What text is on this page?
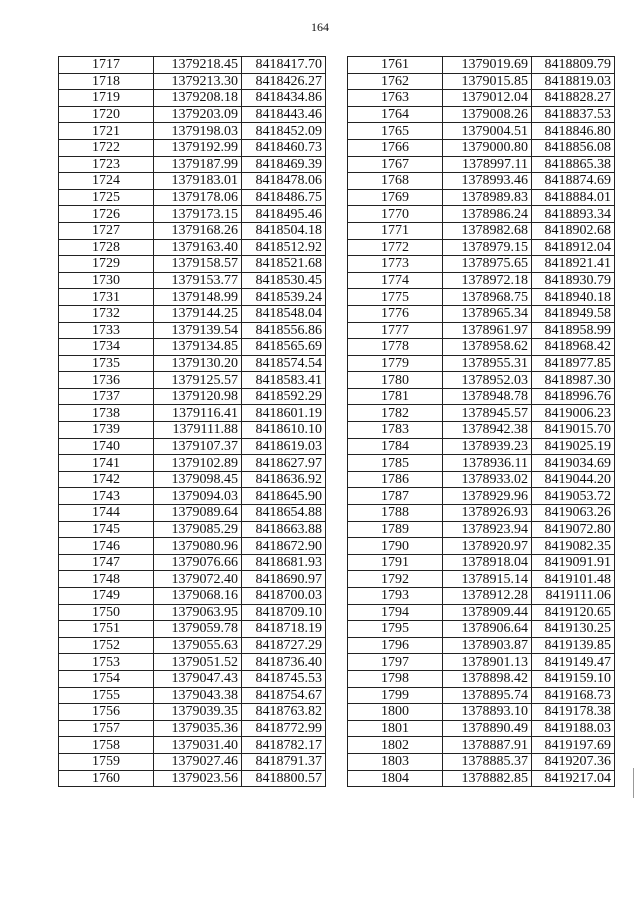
164
1717	1379218.45	8418417.70
1718	1379213.30	8418426.27
1719	1379208.18	8418434.86
1720	1379203.09	8418443.46
1721	1379198.03	8418452.09
1722	1379192.99	8418460.73
1723	1379187.99	8418469.39
1724	1379183.01	8418478.06
1725	1379178.06	8418486.75
1726	1379173.15	8418495.46
1727	1379168.26	8418504.18
1728	1379163.40	8418512.92
1729	1379158.57	8418521.68
1730	1379153.77	8418530.45
1731	1379148.99	8418539.24
1732	1379144.25	8418548.04
1733	1379139.54	8418556.86
1734	1379134.85	8418565.69
1735	1379130.20	8418574.54
1736	1379125.57	8418583.41
1737	1379120.98	8418592.29
1738	1379116.41	8418601.19
1739	1379111.88	8418610.10
1740	1379107.37	8418619.03
1741	1379102.89	8418627.97
1742	1379098.45	8418636.92
1743	1379094.03	8418645.90
1744	1379089.64	8418654.88
1745	1379085.29	8418663.88
1746	1379080.96	8418672.90
1747	1379076.66	8418681.93
1748	1379072.40	8418690.97
1749	1379068.16	8418700.03
1750	1379063.95	8418709.10
1751	1379059.78	8418718.19
1752	1379055.63	8418727.29
1753	1379051.52	8418736.40
1754	1379047.43	8418745.53
1755	1379043.38	8418754.67
1756	1379039.35	8418763.82
1757	1379035.36	8418772.99
1758	1379031.40	8418782.17
1759	1379027.46	8418791.37
1760	1379023.56	8418800.57
1761	1379019.69	8418809.79
1762	1379015.85	8418819.03
1763	1379012.04	8418828.27
1764	1379008.26	8418837.53
1765	1379004.51	8418846.80
1766	1379000.80	8418856.08
1767	1378997.11	8418865.38
1768	1378993.46	8418874.69
1769	1378989.83	8418884.01
1770	1378986.24	8418893.34
1771	1378982.68	8418902.68
1772	1378979.15	8418912.04
1773	1378975.65	8418921.41
1774	1378972.18	8418930.79
1775	1378968.75	8418940.18
1776	1378965.34	8418949.58
1777	1378961.97	8418958.99
1778	1378958.62	8418968.42
1779	1378955.31	8418977.85
1780	1378952.03	8418987.30
1781	1378948.78	8418996.76
1782	1378945.57	8419006.23
1783	1378942.38	8419015.70
1784	1378939.23	8419025.19
1785	1378936.11	8419034.69
1786	1378933.02	8419044.20
1787	1378929.96	8419053.72
1788	1378926.93	8419063.26
1789	1378923.94	8419072.80
1790	1378920.97	8419082.35
1791	1378918.04	8419091.91
1792	1378915.14	8419101.48
1793	1378912.28	8419111.06
1794	1378909.44	8419120.65
1795	1378906.64	8419130.25
1796	1378903.87	8419139.85
1797	1378901.13	8419149.47
1798	1378898.42	8419159.10
1799	1378895.74	8419168.73
1800	1378893.10	8419178.38
1801	1378890.49	8419188.03
1802	1378887.91	8419197.69
1803	1378885.37	8419207.36
1804	1378882.85	8419217.04
